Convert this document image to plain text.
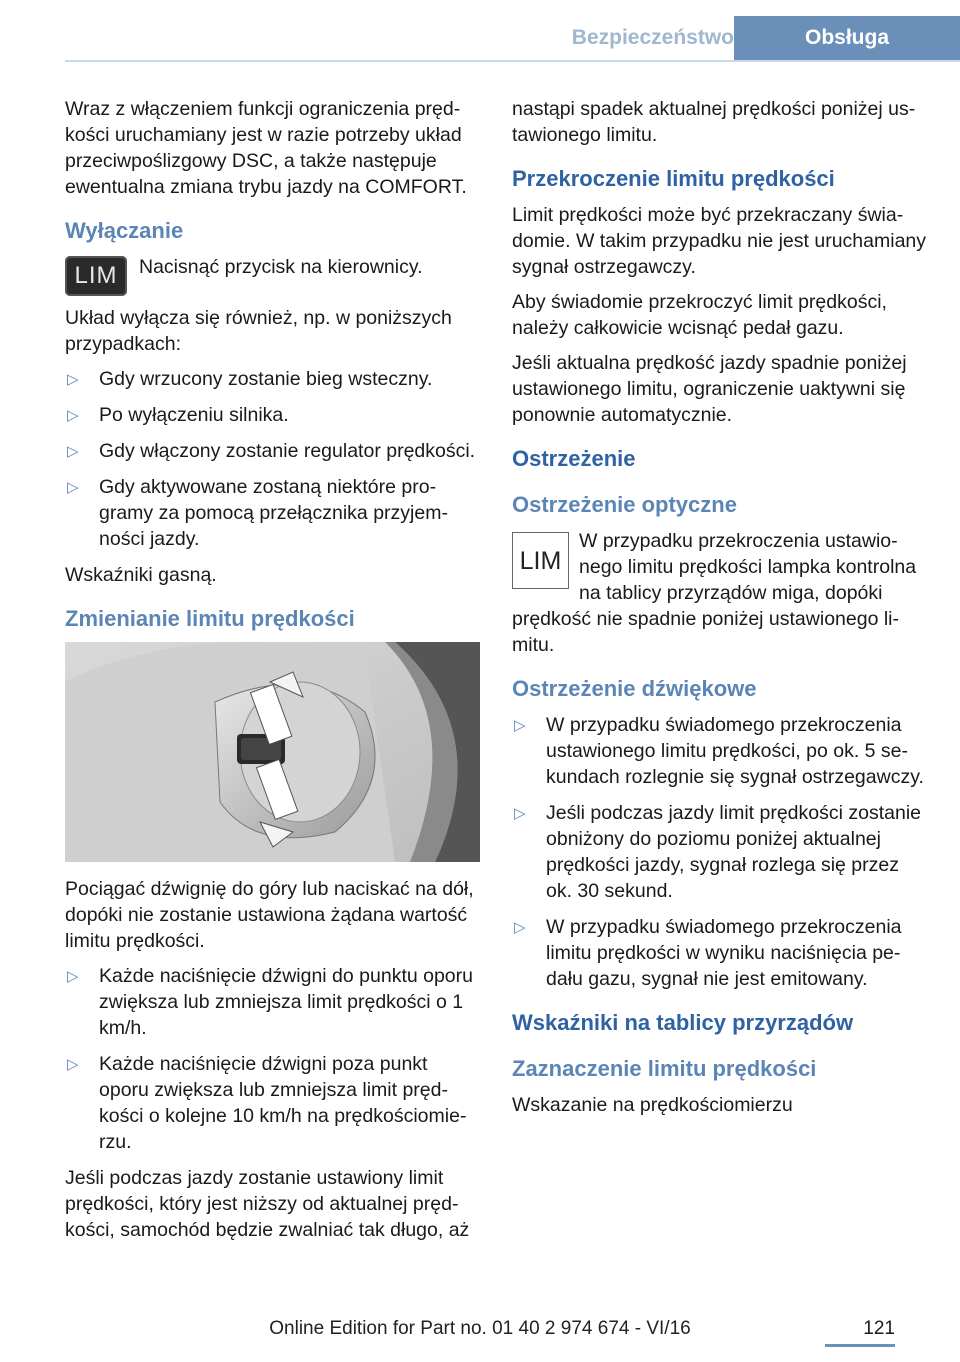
Bezpieczeństwo	Obsługa

Wraz z włączeniem funkcji ograniczenia prędkości uruchamiany jest w razie potrzeby układ przeciwpoślizgowy DSC, a także następuje ewentualna zmiana trybu jazdy na COMFORT.

Wyłączanie
LIM	Nacisnąć przycisk na kierownicy.

Układ wyłącza się również, np. w poniższych przypadkach:

▷ Gdy wrzucony zostanie bieg wsteczny.
▷ Po wyłączeniu silnika.
▷ Gdy włączony zostanie regulator prędkości.
▷ Gdy aktywowane zostaną niektóre programy za pomocą przełącznika przyjemności jazdy.

Wskaźniki gasną.

Zmienianie limitu prędkości

Pociągać dźwignię do góry lub naciskać na dół, dopóki nie zostanie ustawiona żądana wartość limitu prędkości.

▷ Każde naciśnięcie dźwigni do punktu oporu zwiększa lub zmniejsza limit prędkości o 1 km/h.
▷ Każde naciśnięcie dźwigni poza punkt oporu zwiększa lub zmniejsza limit prędkości o kolejne 10 km/h na prędkościomierzu.

Jeśli podczas jazdy zostanie ustawiony limit prędkości, który jest niższy od aktualnej prędkości, samochód będzie zwalniać tak długo, aż

nastąpi spadek aktualnej prędkości poniżej ustawionego limitu.

Przekroczenie limitu prędkości

Limit prędkości może być przekraczany świadomie. W takim przypadku nie jest uruchamiany sygnał ostrzegawczy.

Aby świadomie przekroczyć limit prędkości, należy całkowicie wcisnąć pedał gazu.

Jeśli aktualna prędkość jazdy spadnie poniżej ustawionego limitu, ograniczenie uaktywni się ponownie automatycznie.

Ostrzeżenie
Ostrzeżenie optyczne
LIM
W przypadku przekroczenia ustawionego limitu prędkości lampka kontrolna na tablicy przyrządów miga, dopóki prędkość nie spadnie poniżej ustawionego limitu.
Ostrzeżenie dźwiękowe
▷ W przypadku świadomego przekroczenia ustawionego limitu prędkości, po ok. 5 sekundach rozlegnie się sygnał ostrzegawczy.
▷ Jeśli podczas jazdy limit prędkości zostanie obniżony do poziomu poniżej aktualnej prędkości jazdy, sygnał rozlega się przez ok. 30 sekund.
▷ W przypadku świadomego przekroczenia limitu prędkości w wyniku naciśnięcia pedału gazu, sygnał nie jest emitowany.
Wskaźniki na tablicy przyrządów
Zaznaczenie limitu prędkości

Wskazanie na prędkościomierzu

Online Edition for Part no. 01 40 2 974 674 - VI/16	121
